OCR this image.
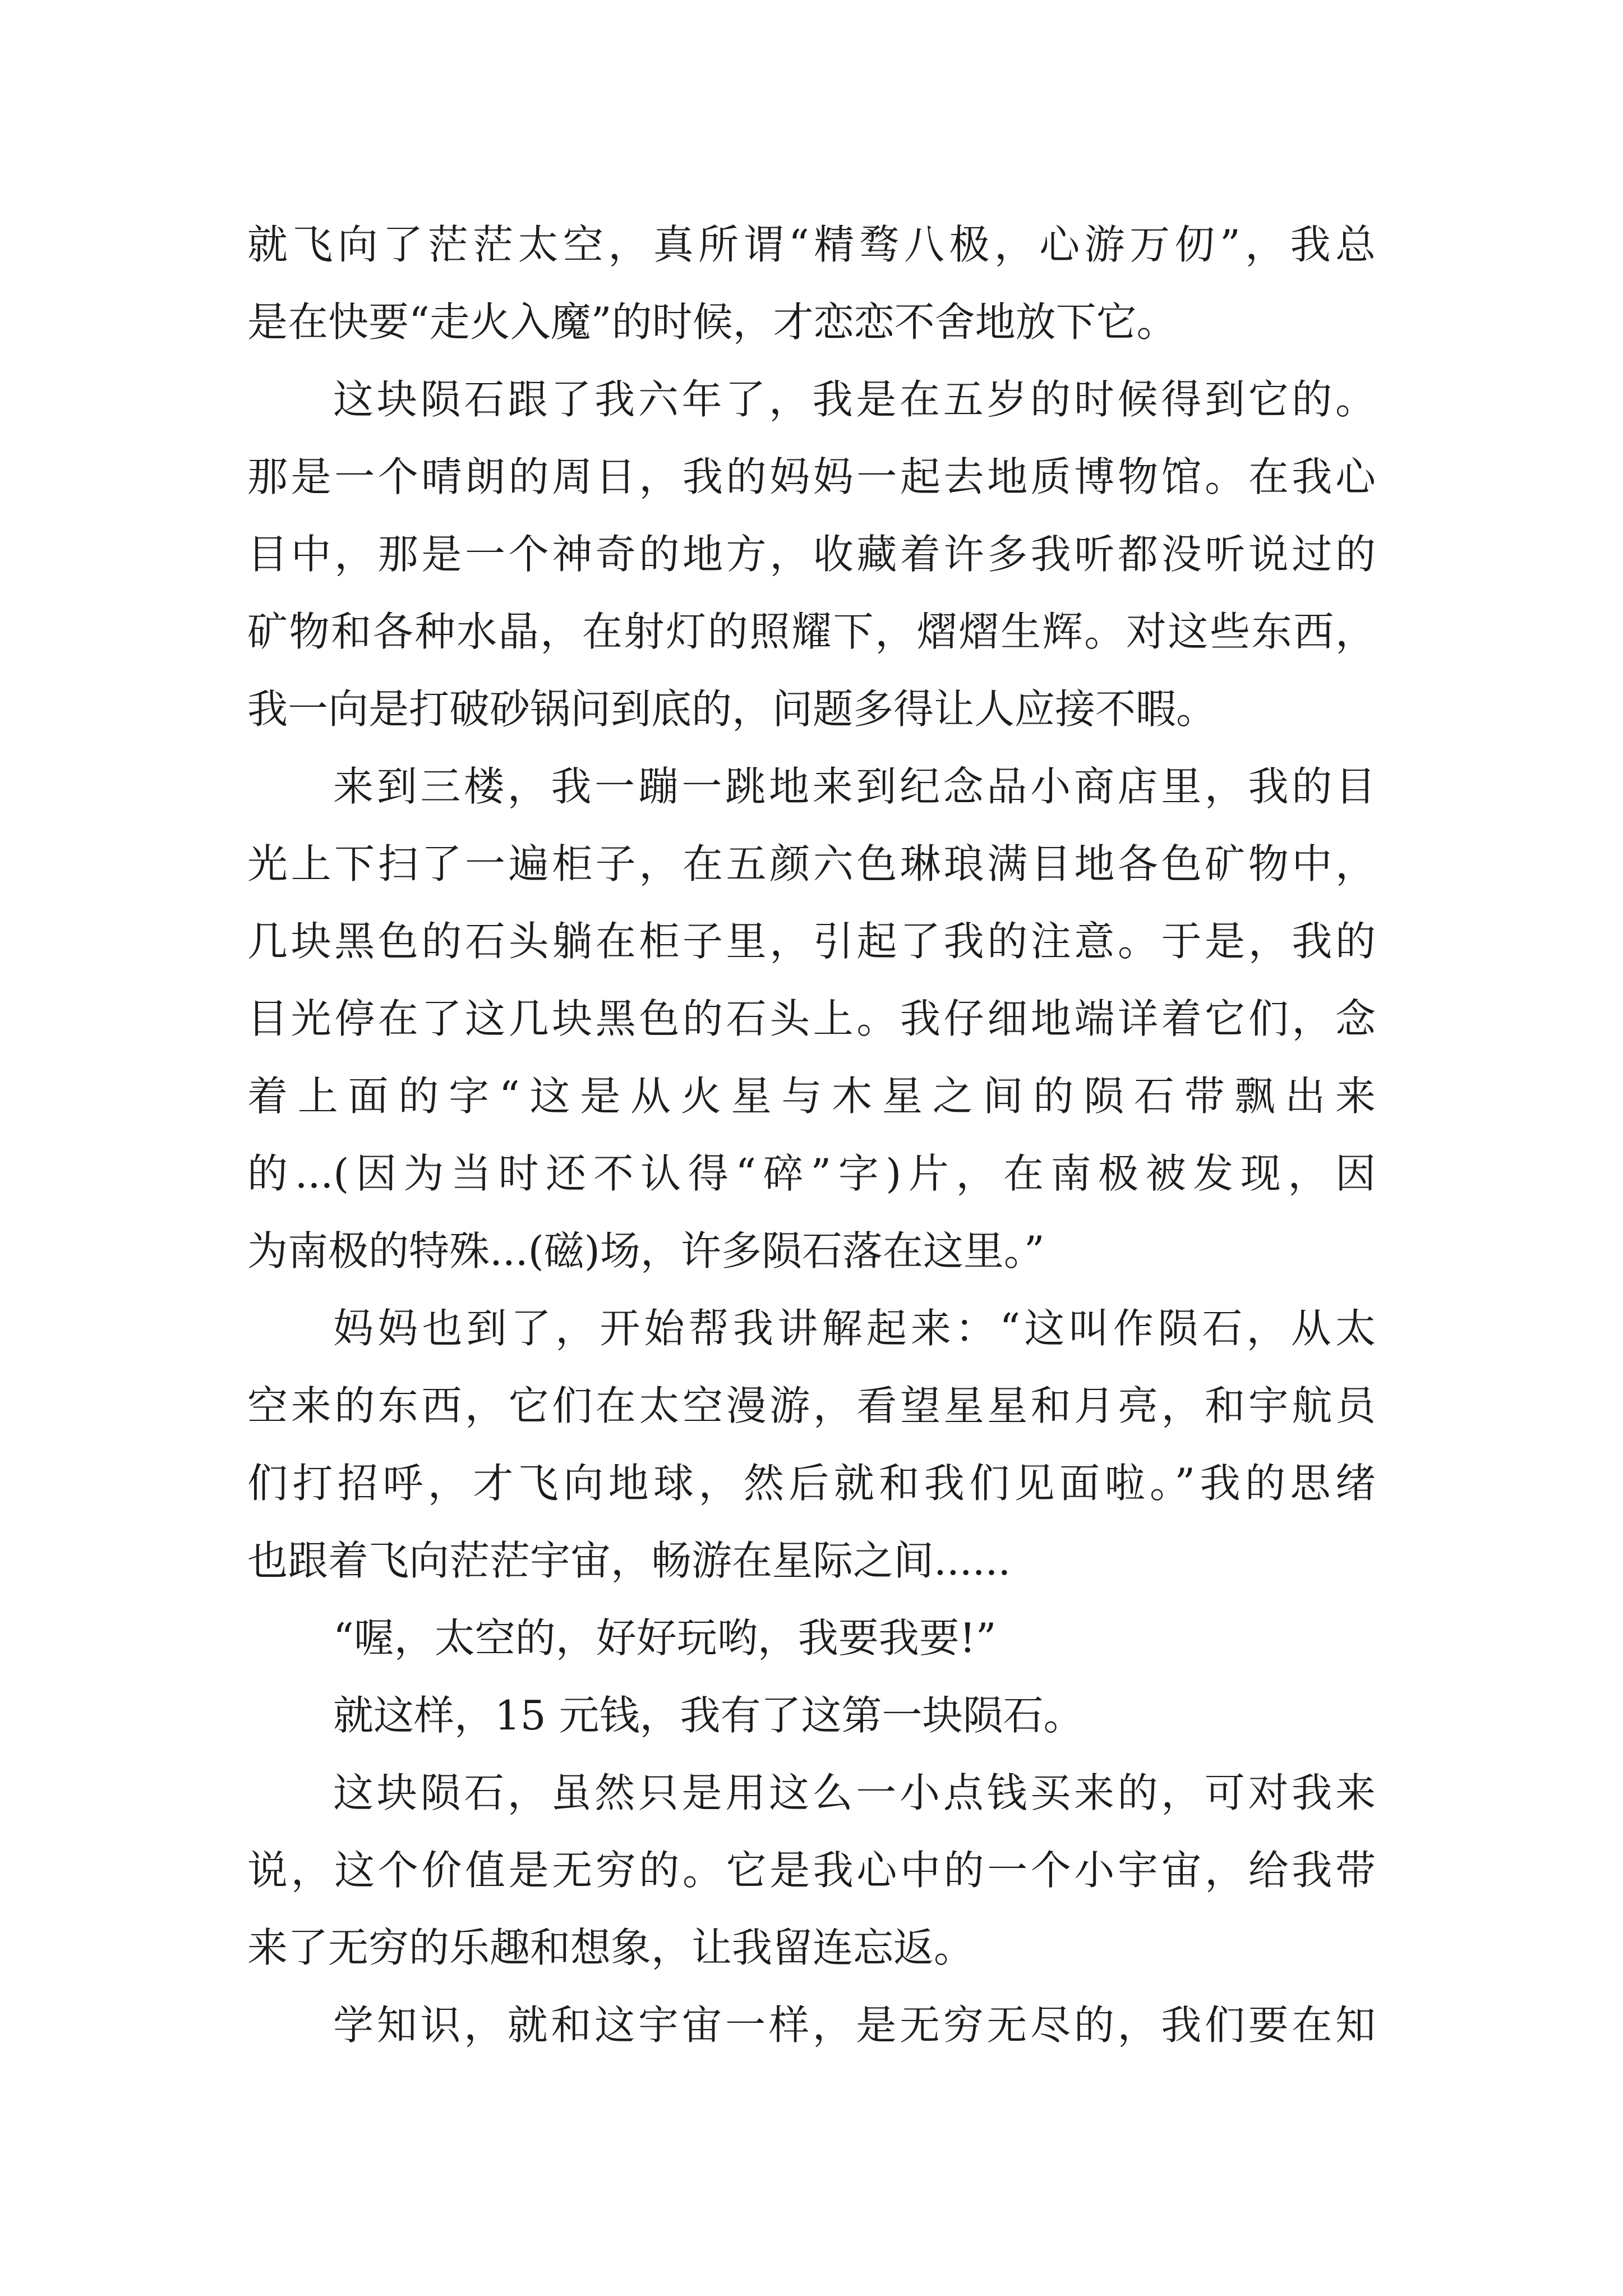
就飞向了茫茫太空，真所谓“精骛八极，心游万仞”，我总
是在快要“走火入魔”的时候，才恋恋不舍地放下它。
这块陨石跟了我六年了，我是在五岁的时候得到它的。
那是一个晴朗的周日，我的妈妈一起去地质博物馆。在我心
目中，那是一个神奇的地方，收藏着许多我听都没听说过的
矿物和各种水晶，在射灯的照耀下，熠熠生辉。对这些东西，
我一向是打破砂锅问到底的，问题多得让人应接不暇。
来到三楼，我一蹦一跳地来到纪念品小商店里，我的目
光上下扫了一遍柜子，在五颜六色琳琅满目地各色矿物中，
几块黑色的石头躺在柜子里，引起了我的注意。于是，我的
目光停在了这几块黑色的石头上。我仔细地端详着它们，念
着上面的字“这是从火星与木星之间的陨石带飘出来
的...(因为当时还不认得“碎”字)片，在南极被发现，因
为南极的特殊...(磁)场，许多陨石落在这里。”
妈妈也到了，开始帮我讲解起来：“这叫作陨石，从太
空来的东西，它们在太空漫游，看望星星和月亮，和宇航员
们打招呼，才飞向地球，然后就和我们见面啦。”我的思绪
也跟着飞向茫茫宇宙，畅游在星际之间......
“喔，太空的，好好玩哟，我要我要!”
就这样，15 元钱，我有了这第一块陨石。
这块陨石，虽然只是用这么一小点钱买来的，可对我来
说，这个价值是无穷的。它是我心中的一个小宇宙，给我带
来了无穷的乐趣和想象，让我留连忘返。
学知识，就和这宇宙一样，是无穷无尽的，我们要在知
